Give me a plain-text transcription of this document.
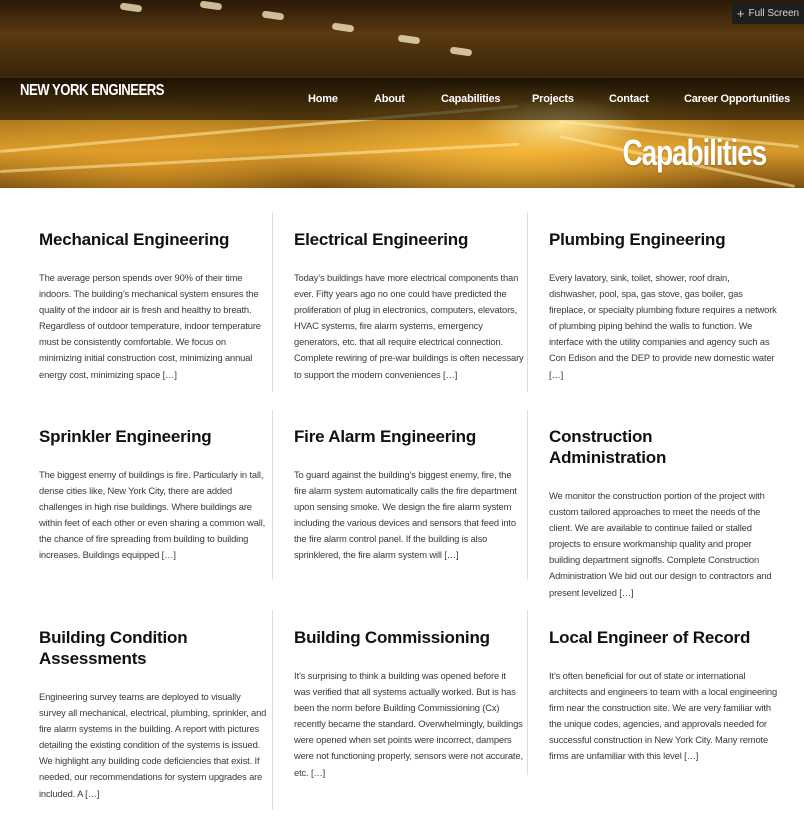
+ Full Screen
NEW YORK ENGINEERS	Home	About	Capabilities	Projects	Contact	Career Opportunities
Capabilities
Mechanical Engineering

The average person spends over 90% of their time indoors. The building’s mechanical system ensures the quality of the indoor air is fresh and healthy to breath. Regardless of outdoor temperature, indoor temperature must be consistently comfortable. We focus on minimizing initial construction cost, minimizing annual energy cost, minimizing space […]

Electrical Engineering

Today’s buildings have more electrical components than ever. Fifty years ago no one could have predicted the proliferation of plug in electronics, computers, elevators, HVAC systems, fire alarm systems, emergency generators, etc. that all require electrical connection. Complete rewiring of pre-war buildings is often necessary to support the modern conveniences […]

Plumbing Engineering

Every lavatory, sink, toilet, shower, roof drain, dishwasher, pool, spa, gas stove, gas boiler, gas fireplace, or specialty plumbing fixture requires a network of plumbing piping behind the walls to function. We interface with the utility companies and agency such as Con Edison and the DEP to provide new domestic water […]

Sprinkler Engineering

The biggest enemy of buildings is fire. Particularly in tall, dense cities like, New York City, there are added challenges in high rise buildings. Where buildings are within feet of each other or even sharing a common wall, the chance of fire spreading from building to building increases. Buildings equipped […]

Fire Alarm Engineering

To guard against the building’s biggest enemy, fire, the fire alarm system automatically calls the fire department upon sensing smoke. We design the fire alarm system including the various devices and sensors that feed into the fire alarm control panel. If the building is also sprinklered, the fire alarm system will […]

Construction Administration

We monitor the construction portion of the project with custom tailored approaches to meet the needs of the client. We are available to continue failed or stalled projects to ensure workmanship quality and proper building department signoffs. Complete Construction Administration We bid out our design to contractors and present levelized […]

Building Condition Assessments

Engineering survey teams are deployed to visually survey all mechanical, electrical, plumbing, sprinkler, and fire alarm systems in the building. A report with pictures detailing the existing condition of the systems is issued. We highlight any building code deficiencies that exist. If needed, our recommendations for system upgrades are included. A […]

Building Commissioning

It’s surprising to think a building was opened before it was verified that all systems actually worked. But is has been the norm before Building Commissioning (Cx) recently became the standard. Overwhelmingly, buildings were opened when set points were incorrect, dampers were not functioning properly, sensors were not accurate, etc. […]

Local Engineer of Record

It’s often beneficial for out of state or international architects and engineers to team with a local engineering firm near the construction site. We are very familiar with the unique codes, agencies, and approvals needed for successful construction in New York City. Many remote firms are unfamiliar with this level […]
